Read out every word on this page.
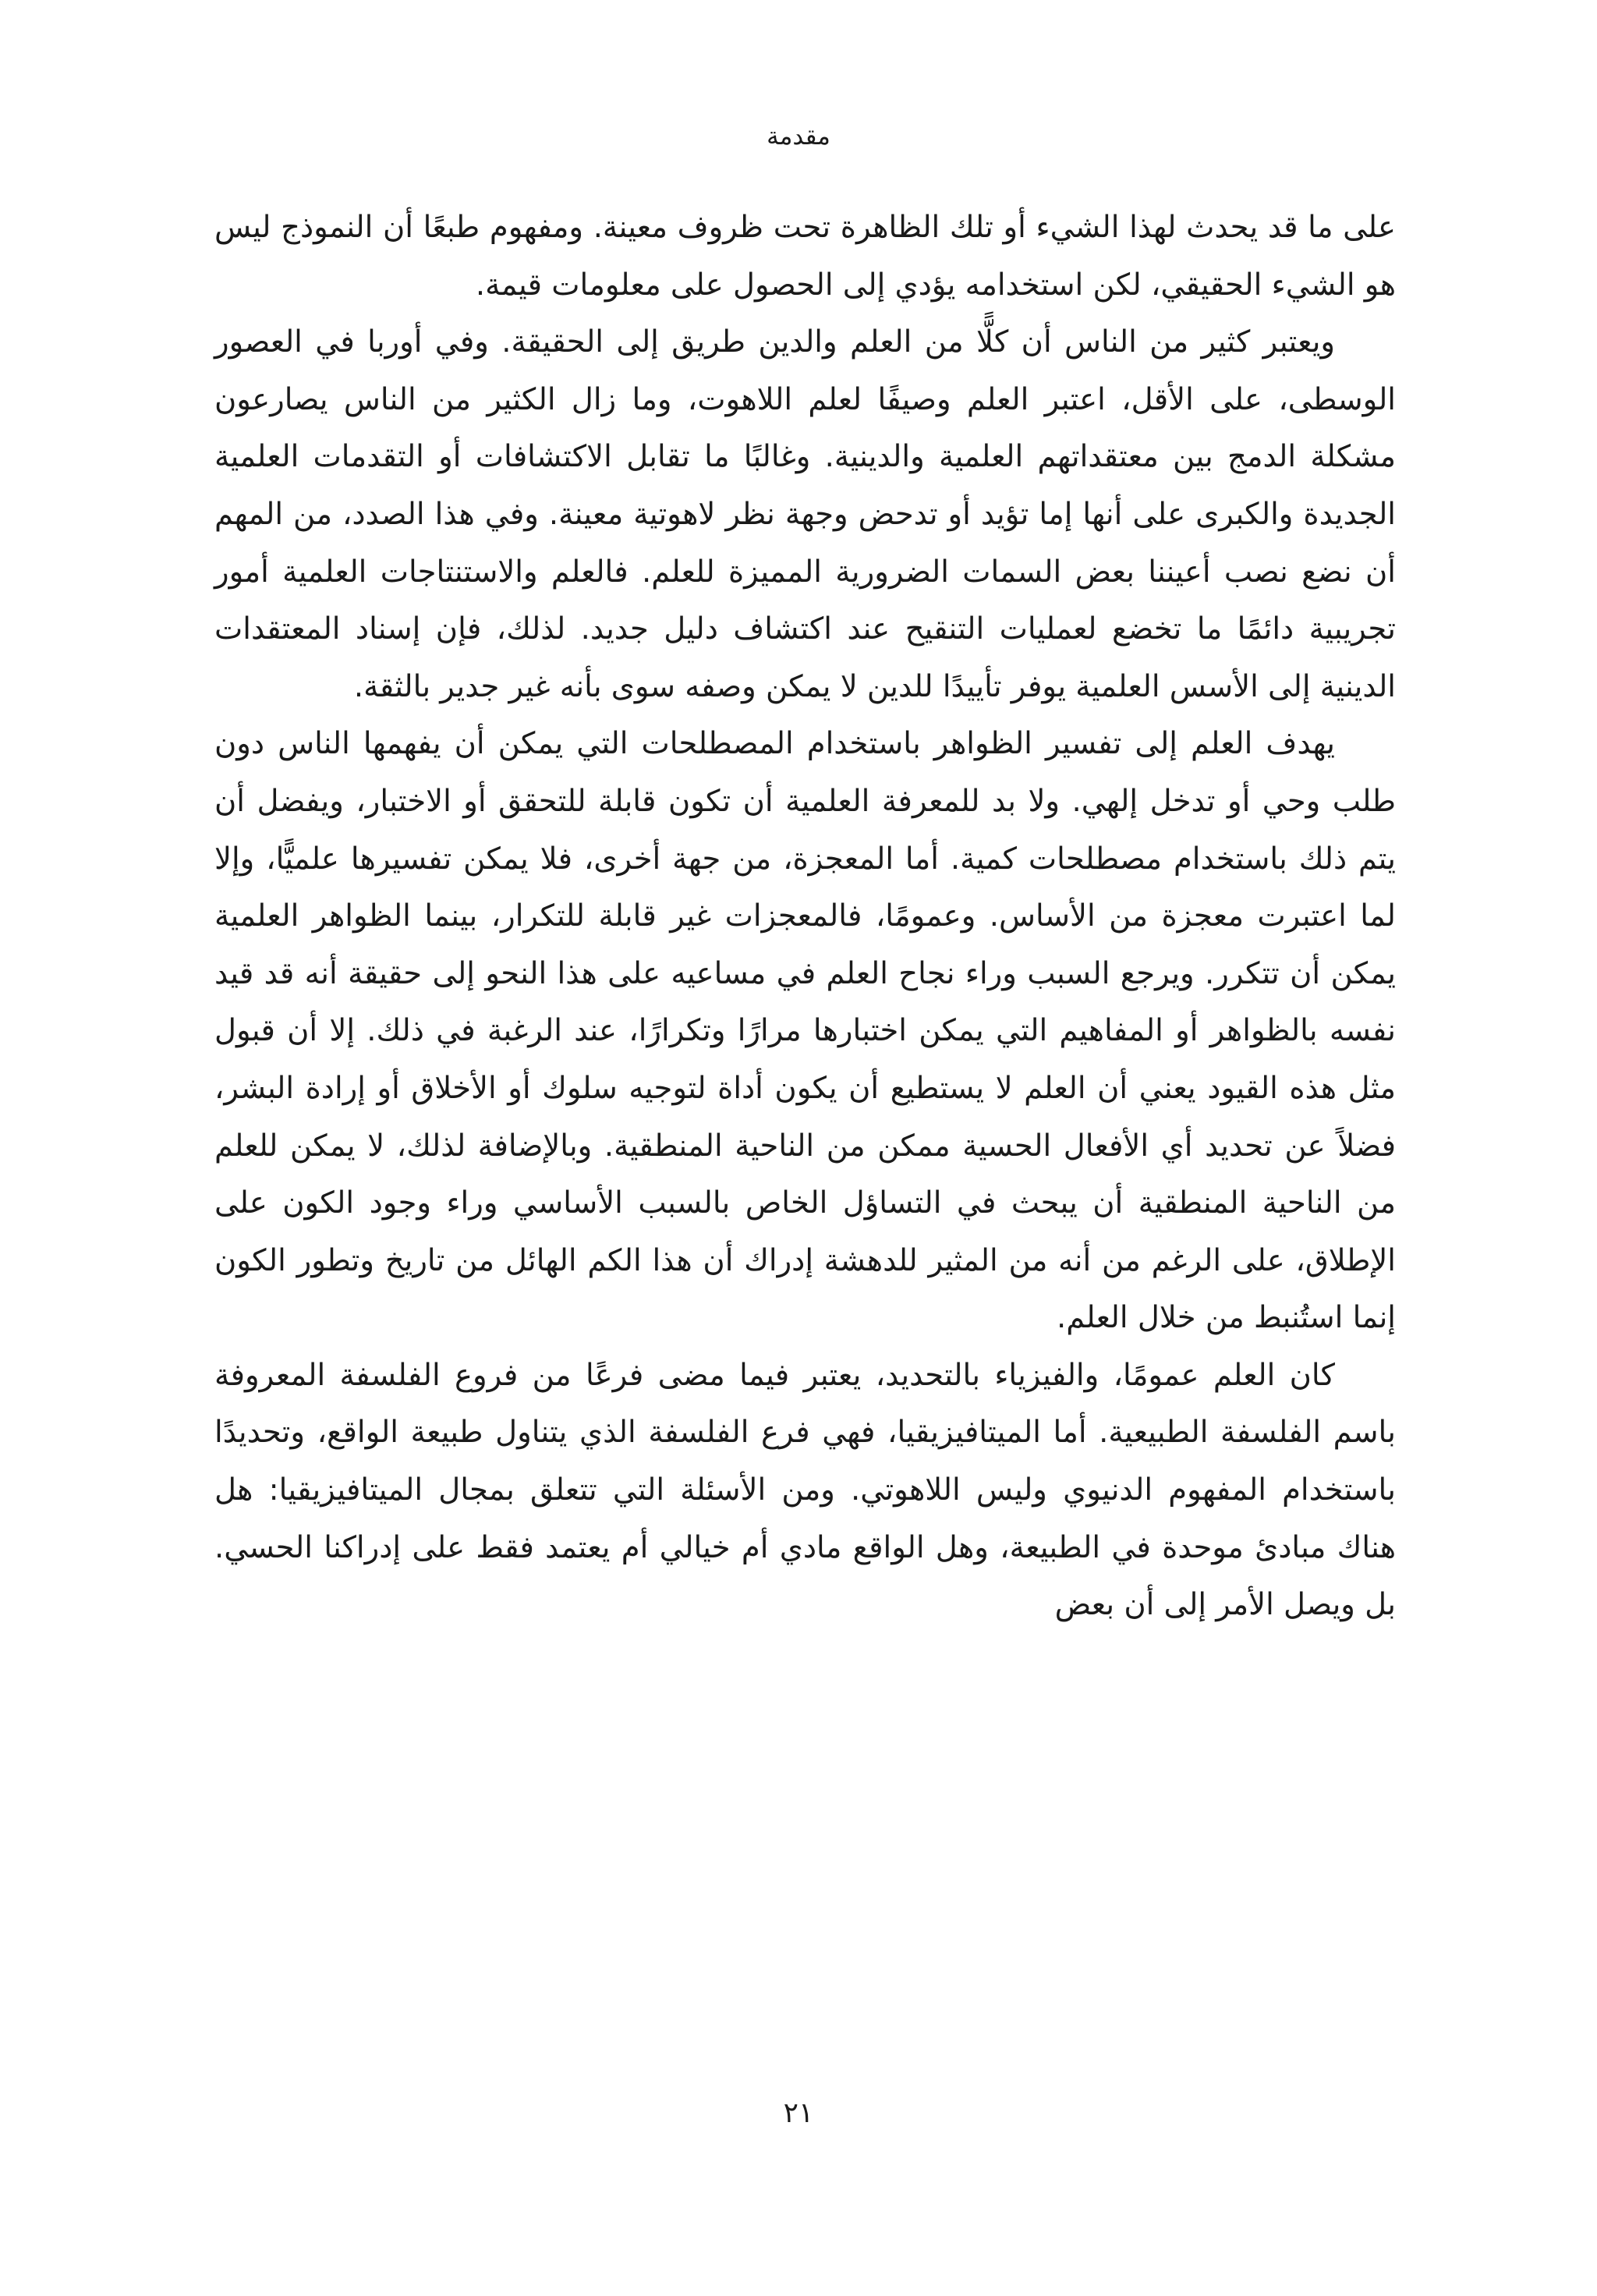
مقدمة

على ما قد يحدث لهذا الشيء أو تلك الظاهرة تحت ظروف معينة. ومفهوم طبعًا أن النموذج ليس هو الشيء الحقيقي، لكن استخدامه يؤدي إلى الحصول على معلومات قيمة.

ويعتبر كثير من الناس أن كلًّا من العلم والدين طريق إلى الحقيقة. وفي أوربا في العصور الوسطى، على الأقل، اعتبر العلم وصيفًا لعلم اللاهوت، وما زال الكثير من الناس يصارعون مشكلة الدمج بين معتقداتهم العلمية والدينية. وغالبًا ما تقابل الاكتشافات أو التقدمات العلمية الجديدة والكبرى على أنها إما تؤيد أو تدحض وجهة نظر لاهوتية معينة. وفي هذا الصدد، من المهم أن نضع نصب أعيننا بعض السمات الضرورية المميزة للعلم. فالعلم والاستنتاجات العلمية أمور تجريبية دائمًا ما تخضع لعمليات التنقيح عند اكتشاف دليل جديد. لذلك، فإن إسناد المعتقدات الدينية إلى الأسس العلمية يوفر تأييدًا للدين لا يمكن وصفه سوى بأنه غير جدير بالثقة.

يهدف العلم إلى تفسير الظواهر باستخدام المصطلحات التي يمكن أن يفهمها الناس دون طلب وحي أو تدخل إلهي. ولا بد للمعرفة العلمية أن تكون قابلة للتحقق أو الاختبار، ويفضل أن يتم ذلك باستخدام مصطلحات كمية. أما المعجزة، من جهة أخرى، فلا يمكن تفسيرها علميًّا، وإلا لما اعتبرت معجزة من الأساس. وعمومًا، فالمعجزات غير قابلة للتكرار، بينما الظواهر العلمية يمكن أن تتكرر. ويرجع السبب وراء نجاح العلم في مساعيه على هذا النحو إلى حقيقة أنه قد قيد نفسه بالظواهر أو المفاهيم التي يمكن اختبارها مرارًا وتكرارًا، عند الرغبة في ذلك. إلا أن قبول مثل هذه القيود يعني أن العلم لا يستطيع أن يكون أداة لتوجيه سلوك أو الأخلاق أو إرادة البشر، فضلاً عن تحديد أي الأفعال الحسية ممكن من الناحية المنطقية. وبالإضافة لذلك، لا يمكن للعلم من الناحية المنطقية أن يبحث في التساؤل الخاص بالسبب الأساسي وراء وجود الكون على الإطلاق، على الرغم من أنه من المثير للدهشة إدراك أن هذا الكم الهائل من تاريخ وتطور الكون إنما استُنبط من خلال العلم.

كان العلم عمومًا، والفيزياء بالتحديد، يعتبر فيما مضى فرعًا من فروع الفلسفة المعروفة باسم الفلسفة الطبيعية. أما الميتافيزيقيا، فهي فرع الفلسفة الذي يتناول طبيعة الواقع، وتحديدًا باستخدام المفهوم الدنيوي وليس اللاهوتي. ومن الأسئلة التي تتعلق بمجال الميتافيزيقيا: هل هناك مبادئ موحدة في الطبيعة، وهل الواقع مادي أم خيالي أم يعتمد فقط على إدراكنا الحسي. بل ويصل الأمر إلى أن بعض

٢١
